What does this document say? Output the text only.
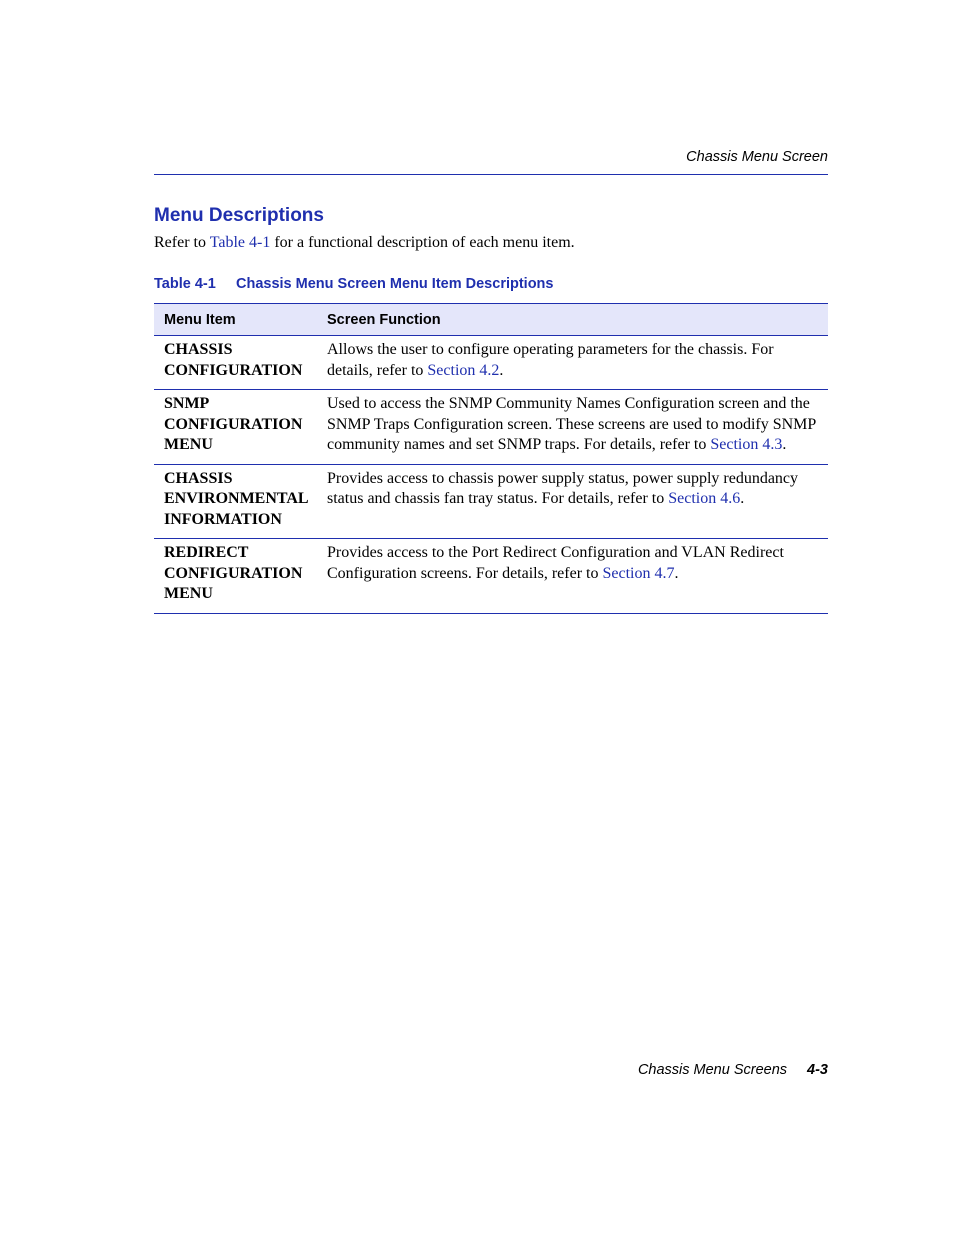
Chassis Menu Screen
Menu Descriptions
Refer to Table 4-1 for a functional description of each menu item.
Table 4-1 Chassis Menu Screen Menu Item Descriptions
Menu Item	Screen Function
CHASSIS
CONFIGURATION
Allows the user to configure operating parameters for the chassis. For details, refer to Section 4.2.
SNMP
CONFIGURATION
MENU
Used to access the SNMP Community Names Configuration screen and the SNMP Traps Configuration screen. These screens are used to modify SNMP community names and set SNMP traps. For details, refer to Section 4.3.
CHASSIS
ENVIRONMENTAL
INFORMATION
Provides access to chassis power supply status, power supply redundancy status and chassis fan tray status. For details, refer to Section 4.6.
REDIRECT
CONFIGURATION
MENU
Provides access to the Port Redirect Configuration and VLAN Redirect Configuration screens. For details, refer to Section 4.7.
Chassis Menu Screens 4-3
